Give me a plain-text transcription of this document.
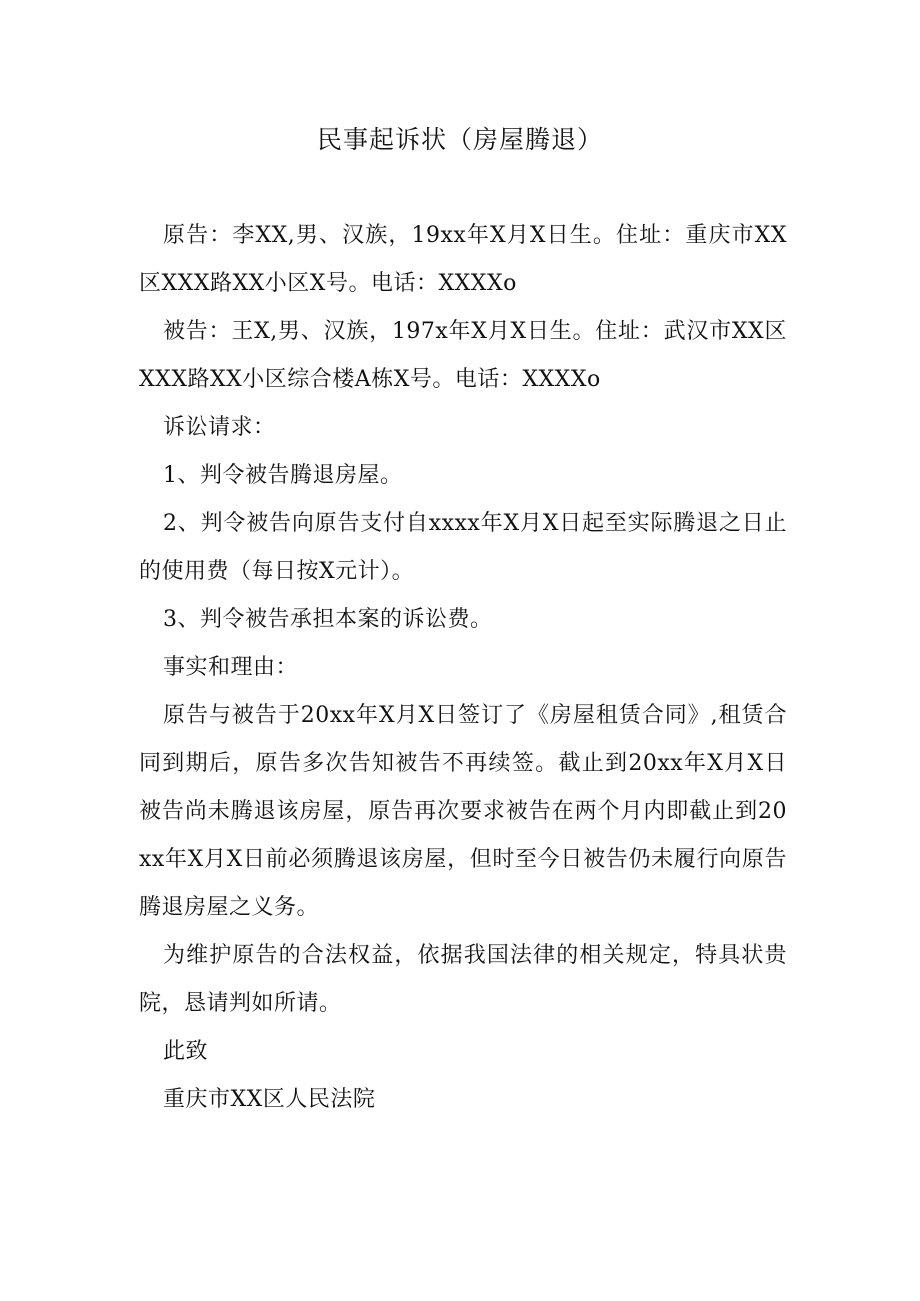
民事起诉状（房屋腾退）

原告：李XX,男、汉族，19xx年X月X日生。住址：重庆市XX区XXX路XX小区X号。电话：XXXXo

被告：王X,男、汉族，197x年X月X日生。住址：武汉市XX区XXX路XX小区综合楼A栋X号。电话：XXXXo

诉讼请求：

1、判令被告腾退房屋。

2、判令被告向原告支付自xxxx年X月X日起至实际腾退之日止的使用费（每日按X元计）。

3、判令被告承担本案的诉讼费。

事实和理由：

原告与被告于20xx年X月X日签订了《房屋租赁合同》,租赁合同到期后，原告多次告知被告不再续签。截止到20xx年X月X日被告尚未腾退该房屋，原告再次要求被告在两个月内即截止到20xx年X月X日前必须腾退该房屋，但时至今日被告仍未履行向原告腾退房屋之义务。

为维护原告的合法权益，依据我国法律的相关规定，特具状贵院，恳请判如所请。

此致

重庆市XX区人民法院
